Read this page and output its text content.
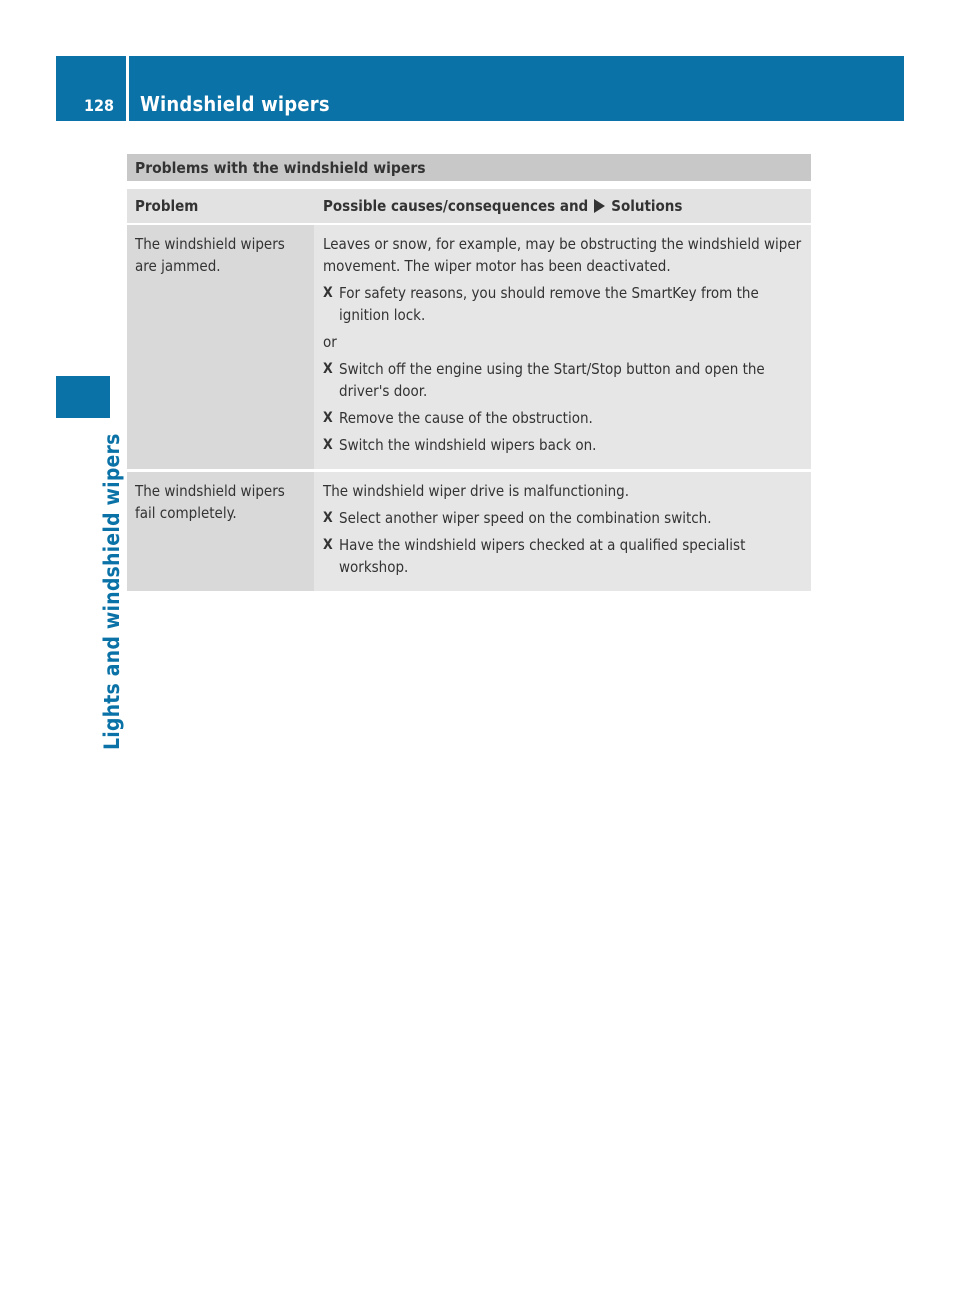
128 Windshield wipers
Lights and windshield wipers
Problems with the windshield wipers
Problem	Possible causes/consequences and Solutions
The windshield wipers are jammed.

Leaves or snow, for example, may be obstructing the windshield wiper movement. The wiper motor has been deactivated.

X For safety reasons, you should remove the SmartKey from the ignition lock.

or

X Switch off the engine using the Start/Stop button and open the driver's door.
X Remove the cause of the obstruction.
X Switch the windshield wipers back on.
The windshield wipers fail completely.

The windshield wiper drive is malfunctioning.

X Select another wiper speed on the combination switch.
X Have the windshield wipers checked at a qualified specialist workshop.
